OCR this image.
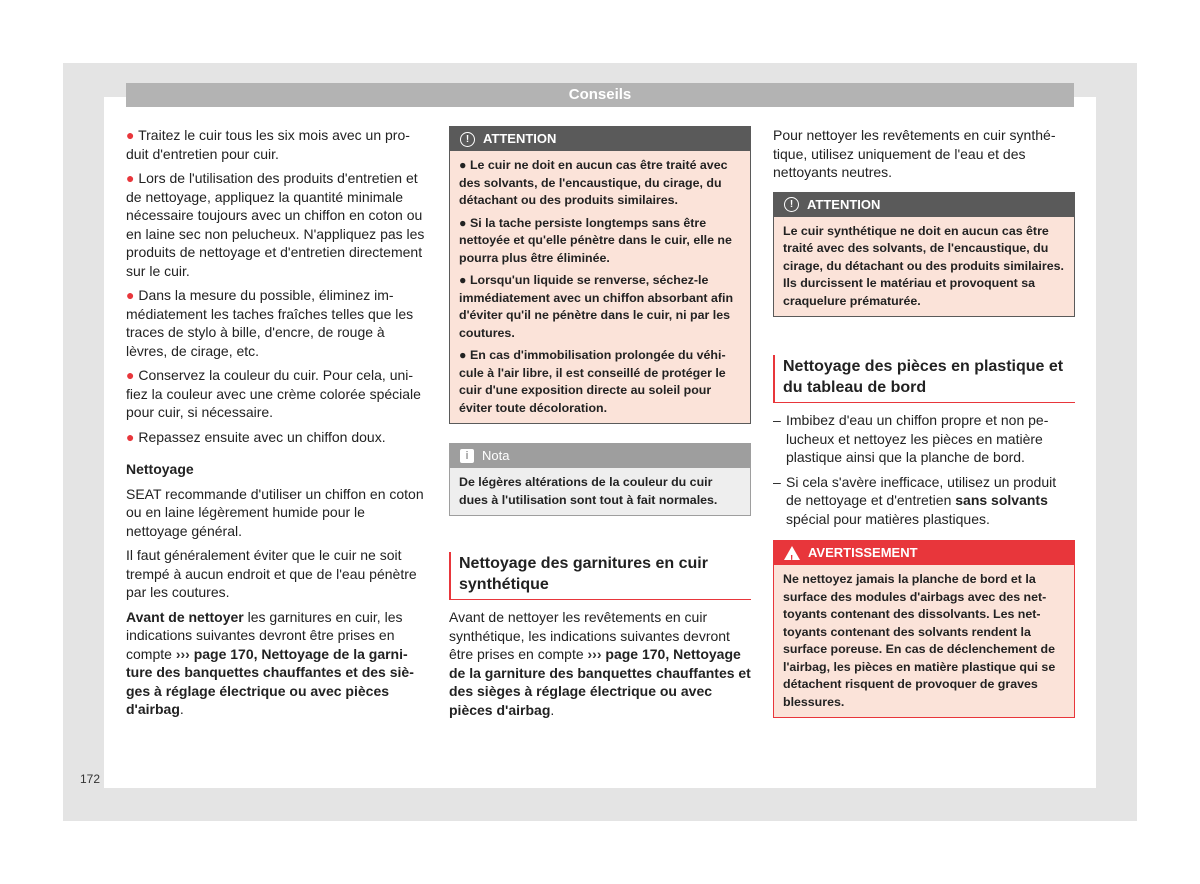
Conseils

● Traitez le cuir tous les six mois avec un produit d'entretien pour cuir.

● Lors de l'utilisation des produits d'entretien et de nettoyage, appliquez la quantité minimale nécessaire toujours avec un chiffon en coton ou en laine sec non pelucheux. N'appliquez pas les produits de nettoyage et d'entretien directement sur le cuir.

● Dans la mesure du possible, éliminez immédiatement les taches fraîches telles que les traces de stylo à bille, d'encre, de rouge à lèvres, de cirage, etc.

● Conservez la couleur du cuir. Pour cela, unifiez la couleur avec une crème colorée spéciale pour cuir, si nécessaire.

● Repassez ensuite avec un chiffon doux.

Nettoyage

SEAT recommande d'utiliser un chiffon en coton ou en laine légèrement humide pour le nettoyage général.

Il faut généralement éviter que le cuir ne soit trempé à aucun endroit et que de l'eau pénètre par les coutures.

Avant de nettoyer les garnitures en cuir, les indications suivantes devront être prises en compte ››› page 170, Nettoyage de la garniture des banquettes chauffantes et des sièges à réglage électrique ou avec pièces d'airbag.

!	ATTENTION

● Le cuir ne doit en aucun cas être traité avec des solvants, de l'encaustique, du cirage, du détachant ou des produits similaires.

● Si la tache persiste longtemps sans être nettoyée et qu'elle pénètre dans le cuir, elle ne pourra plus être éliminée.

● Lorsqu'un liquide se renverse, séchez-le immédiatement avec un chiffon absorbant afin d'éviter qu'il ne pénètre dans le cuir, ni par les coutures.

● En cas d'immobilisation prolongée du véhicule à l'air libre, il est conseillé de protéger le cuir d'une exposition directe au soleil pour éviter toute décoloration.

i	Nota
De légères altérations de la couleur du cuir dues à l'utilisation sont tout à fait normales.
Nettoyage des garnitures en cuir synthétique

Avant de nettoyer les revêtements en cuir synthétique, les indications suivantes devront être prises en compte ››› page 170, Nettoyage de la garniture des banquettes chauffantes et des sièges à réglage électrique ou avec pièces d'airbag.

Pour nettoyer les revêtements en cuir synthétique, utilisez uniquement de l'eau et des nettoyants neutres.

!	ATTENTION
Le cuir synthétique ne doit en aucun cas être traité avec des solvants, de l'encaustique, du cirage, du détachant ou des produits similaires. Ils durcissent le matériau et provoquent sa craquelure prématurée.
Nettoyage des pièces en plastique et du tableau de bord
– Imbibez d'eau un chiffon propre et non pelucheux et nettoyez les pièces en matière plastique ainsi que la planche de bord.
– Si cela s'avère inefficace, utilisez un produit de nettoyage et d'entretien sans solvants spécial pour matières plastiques.
! AVERTISSEMENT
Ne nettoyez jamais la planche de bord et la surface des modules d'airbags avec des nettoyants contenant des dissolvants. Les nettoyants contenant des solvants rendent la surface poreuse. En cas de déclenchement de l'airbag, les pièces en matière plastique qui se détachent risquent de provoquer de graves blessures.
172
